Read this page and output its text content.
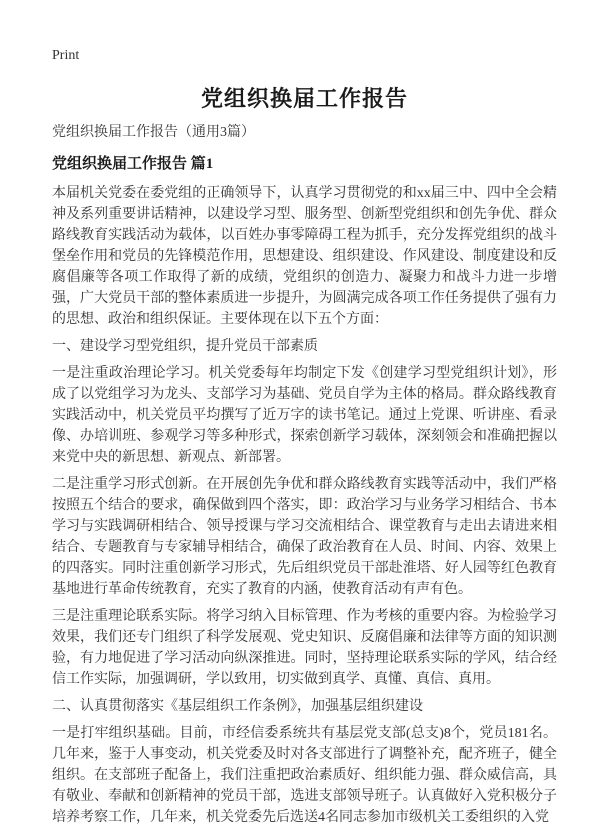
Print
党组织换届工作报告

党组织换届工作报告（通用3篇）

党组织换届工作报告 篇1

本届机关党委在委党组的正确领导下，认真学习贯彻党的和xx届三中、四中全会精神及系列重要讲话精神，以建设学习型、服务型、创新型党组织和创先争优、群众路线教育实践活动为载体，以百姓办事零障碍工程为抓手，充分发挥党组织的战斗堡垒作用和党员的先锋模范作用，思想建设、组织建设、作风建设、制度建设和反腐倡廉等各项工作取得了新的成绩，党组织的创造力、凝聚力和战斗力进一步增强，广大党员干部的整体素质进一步提升，为圆满完成各项工作任务提供了强有力的思想、政治和组织保证。主要体现在以下五个方面：

一、建设学习型党组织，提升党员干部素质

一是注重政治理论学习。机关党委每年均制定下发《创建学习型党组织计划》，形成了以党组学习为龙头、支部学习为基础、党员自学为主体的格局。群众路线教育实践活动中，机关党员平均撰写了近万字的读书笔记。通过上党课、听讲座、看录像、办培训班、参观学习等多种形式，探索创新学习载体，深刻领会和准确把握以来党中央的新思想、新观点、新部署。

二是注重学习形式创新。在开展创先争优和群众路线教育实践等活动中，我们严格按照五个结合的要求，确保做到四个落实，即：政治学习与业务学习相结合、书本学习与实践调研相结合、领导授课与学习交流相结合、课堂教育与走出去请进来相结合、专题教育与专家辅导相结合，确保了政治教育在人员、时间、内容、效果上的四落实。同时注重创新学习形式，先后组织党员干部赴淮塔、好人园等红色教育基地进行革命传统教育，充实了教育的内涵，使教育活动有声有色。

三是注重理论联系实际。将学习纳入目标管理、作为考核的重要内容。为检验学习效果，我们还专门组织了科学发展观、党史知识、反腐倡廉和法律等方面的知识测验，有力地促进了学习活动向纵深推进。同时，坚持理论联系实际的学风，结合经信工作实际，加强调研，学以致用，切实做到真学、真懂、真信、真用。

二、认真贯彻落实《基层组织工作条例》，加强基层组织建设

一是打牢组织基础。目前，市经信委系统共有基层党支部(总支)8个，党员181名。几年来，鉴于人事变动，机关党委及时对各支部进行了调整补充，配齐班子，健全组织。在支部班子配备上，我们注重把政治素质好、组织能力强、群众威信高，具有敬业、奉献和创新精神的党员干部，选进支部领导班子。认真做好入党积极分子培养考察工作，几年来，机关党委先后选送4名同志参加市级机关工委组织的入党
